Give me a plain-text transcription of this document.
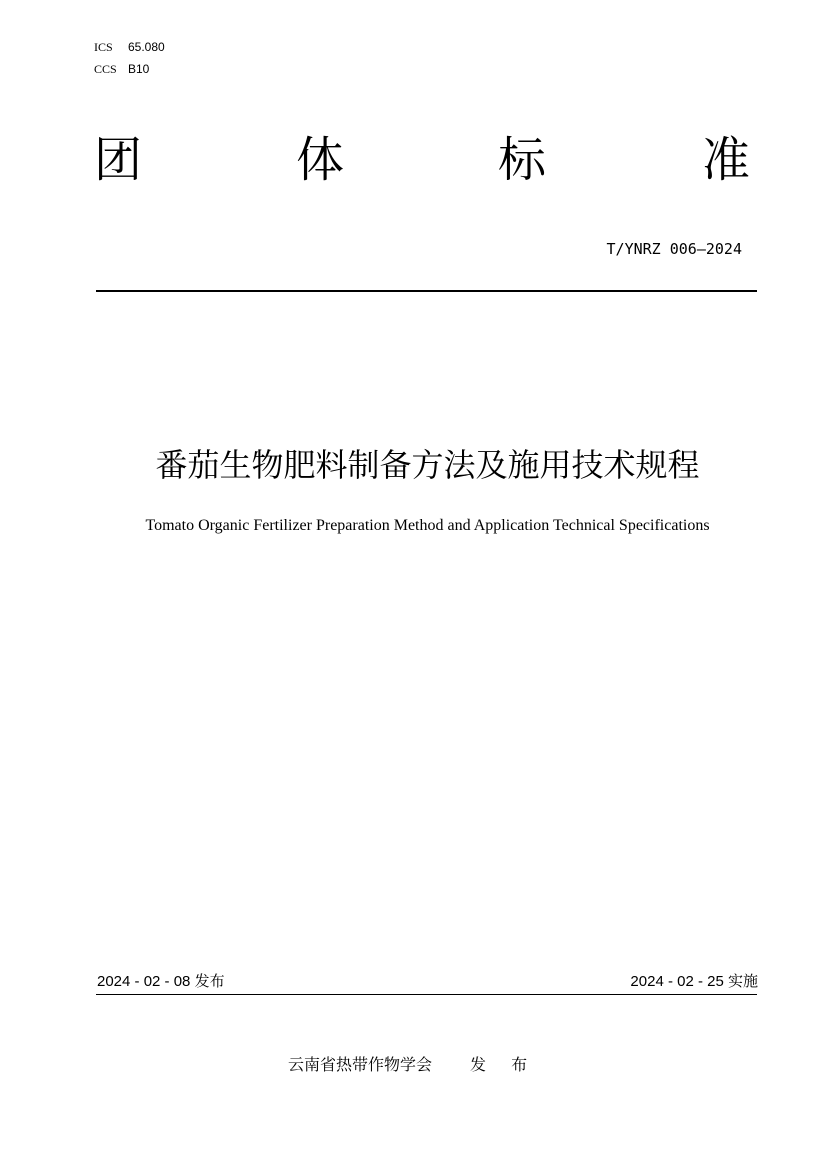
ICS 65.080
CCS B10
团	体	标	准
T/YNRZ 006—2024
番茄生物肥料制备方法及施用技术规程
Tomato Organic Fertilizer Preparation Method and Application Technical Specifications
2024 - 02 - 08 发布	2024 - 02 - 25 实施
云南省热带作物学会 发 布
